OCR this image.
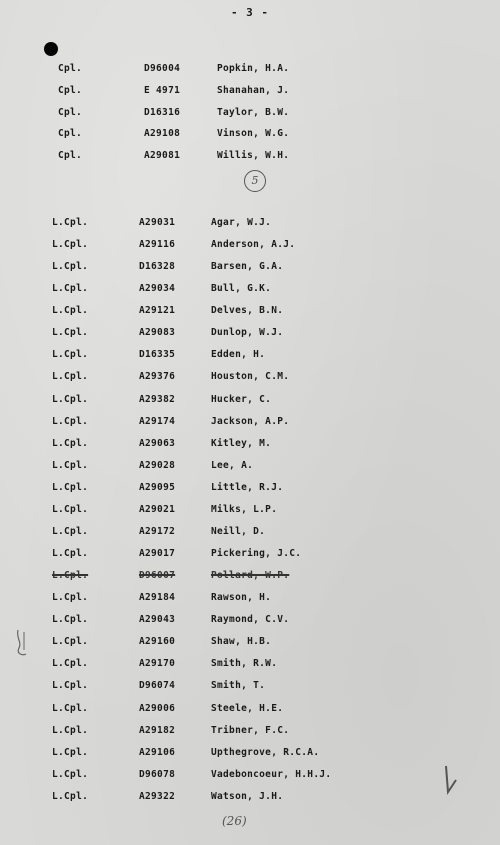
- 3 -
Cpl.	D96004	Popkin, H.A.
Cpl.	E 4971	Shanahan, J.
Cpl.	D16316	Taylor, B.W.
Cpl.	A29108	Vinson, W.G.
Cpl.	A29081	Willis, W.H.
5
L.Cpl.	A29031	Agar, W.J.
L.Cpl.	A29116	Anderson, A.J.
L.Cpl.	D16328	Barsen, G.A.
L.Cpl.	A29034	Bull, G.K.
L.Cpl.	A29121	Delves, B.N.
L.Cpl.	A29083	Dunlop, W.J.
L.Cpl.	D16335	Edden, H.
L.Cpl.	A29376	Houston, C.M.
L.Cpl.	A29382	Hucker, C.
L.Cpl.	A29174	Jackson, A.P.
L.Cpl.	A29063	Kitley, M.
L.Cpl.	A29028	Lee, A.
L.Cpl.	A29095	Little, R.J.
L.Cpl.	A29021	Milks, L.P.
L.Cpl.	A29172	Neill, D.
L.Cpl.	A29017	Pickering, J.C.
L.Cpl.	D96007	Pollard, W.P.
L.Cpl.	A29184	Rawson, H.
L.Cpl.	A29043	Raymond, C.V.
L.Cpl.	A29160	Shaw, H.B.
L.Cpl.	A29170	Smith, R.W.
L.Cpl.	D96074	Smith, T.
L.Cpl.	A29006	Steele, H.E.
L.Cpl.	A29182	Tribner, F.C.
L.Cpl.	A29106	Upthegrove, R.C.A.
L.Cpl.	D96078	Vadeboncoeur, H.H.J.
L.Cpl.	A29322	Watson, J.H.
(26)
